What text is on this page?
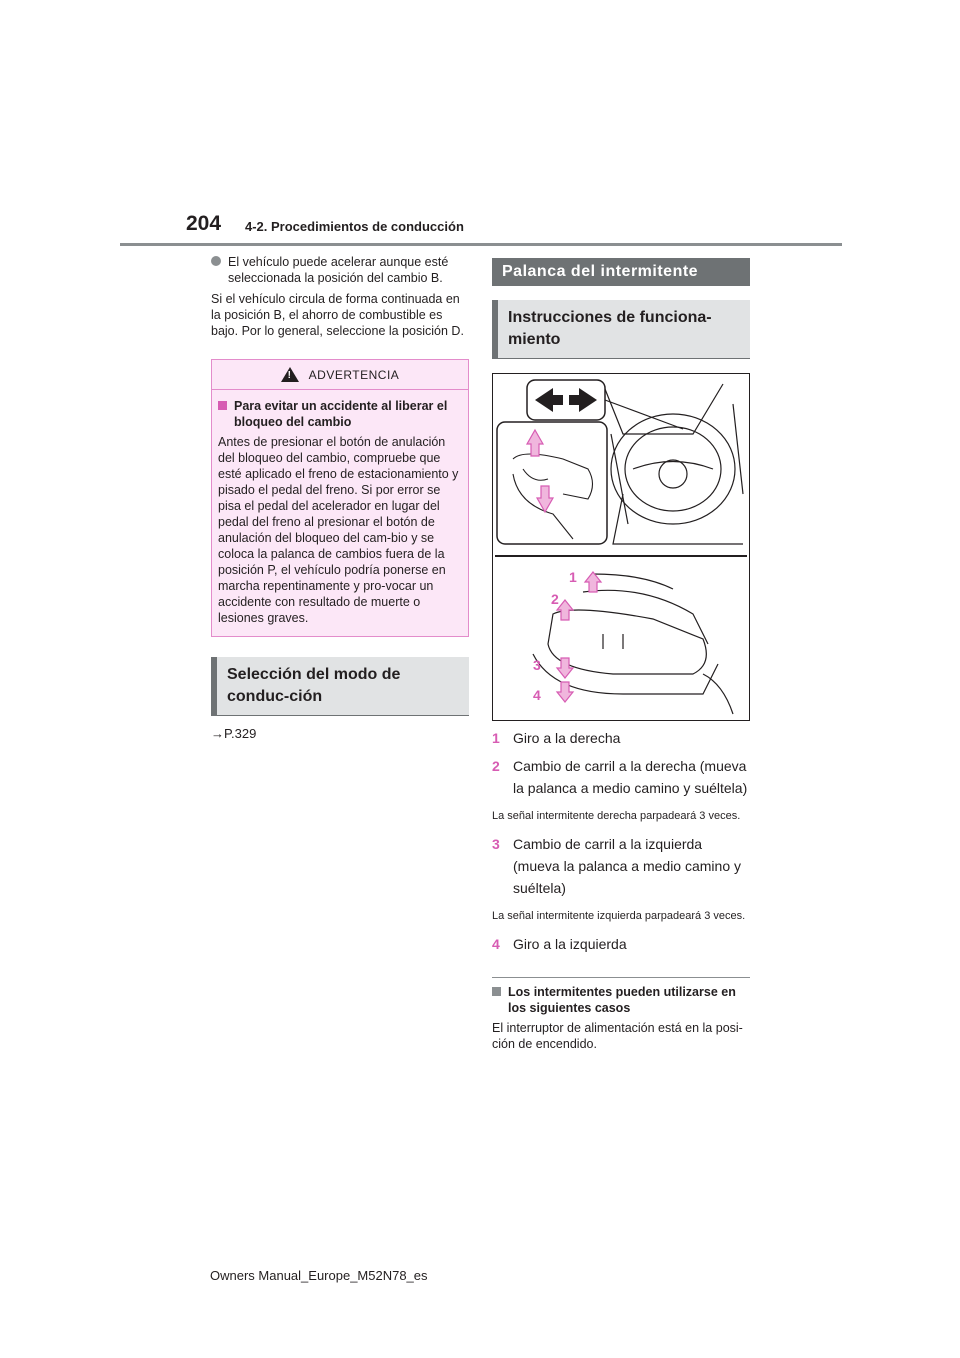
204 4-2. Procedimientos de conducción
El vehículo puede acelerar aunque esté seleccionada la posición del cambio B.

Si el vehículo circula de forma continuada en la posición B, el ahorro de combustible es bajo. Por lo general, seleccione la posición D.

!
ADVERTENCIA
Para evitar un accidente al liberar el bloqueo del cambio

Antes de presionar el botón de anulación del bloqueo del cambio, compruebe que esté aplicado el freno de estacionamiento y pisado el pedal del freno. Si por error se pisa el pedal del acelerador en lugar del pedal del freno al presionar el botón de anulación del bloqueo del cam-bio y se coloca la palanca de cambios fuera de la posición P, el vehículo podría ponerse en marcha repentinamente y pro-vocar un accidente con resultado de muerte o lesiones graves.

Selección del modo de conduc-ción

→P.329

Palanca del intermitente
Instrucciones de funciona-miento
1
2
3
4
1 Giro a la derecha
2 Cambio de carril a la derecha (mueva la palanca a medio camino y suéltela)

La señal intermitente derecha parpadeará 3 veces.

3 Cambio de carril a la izquierda (mueva la palanca a medio camino y suéltela)

La señal intermitente izquierda parpadeará 3 veces.

4 Giro a la izquierda
Los intermitentes pueden utilizarse en los siguientes casos

El interruptor de alimentación está en la posi-ción de encendido.

Owners Manual_Europe_M52N78_es
